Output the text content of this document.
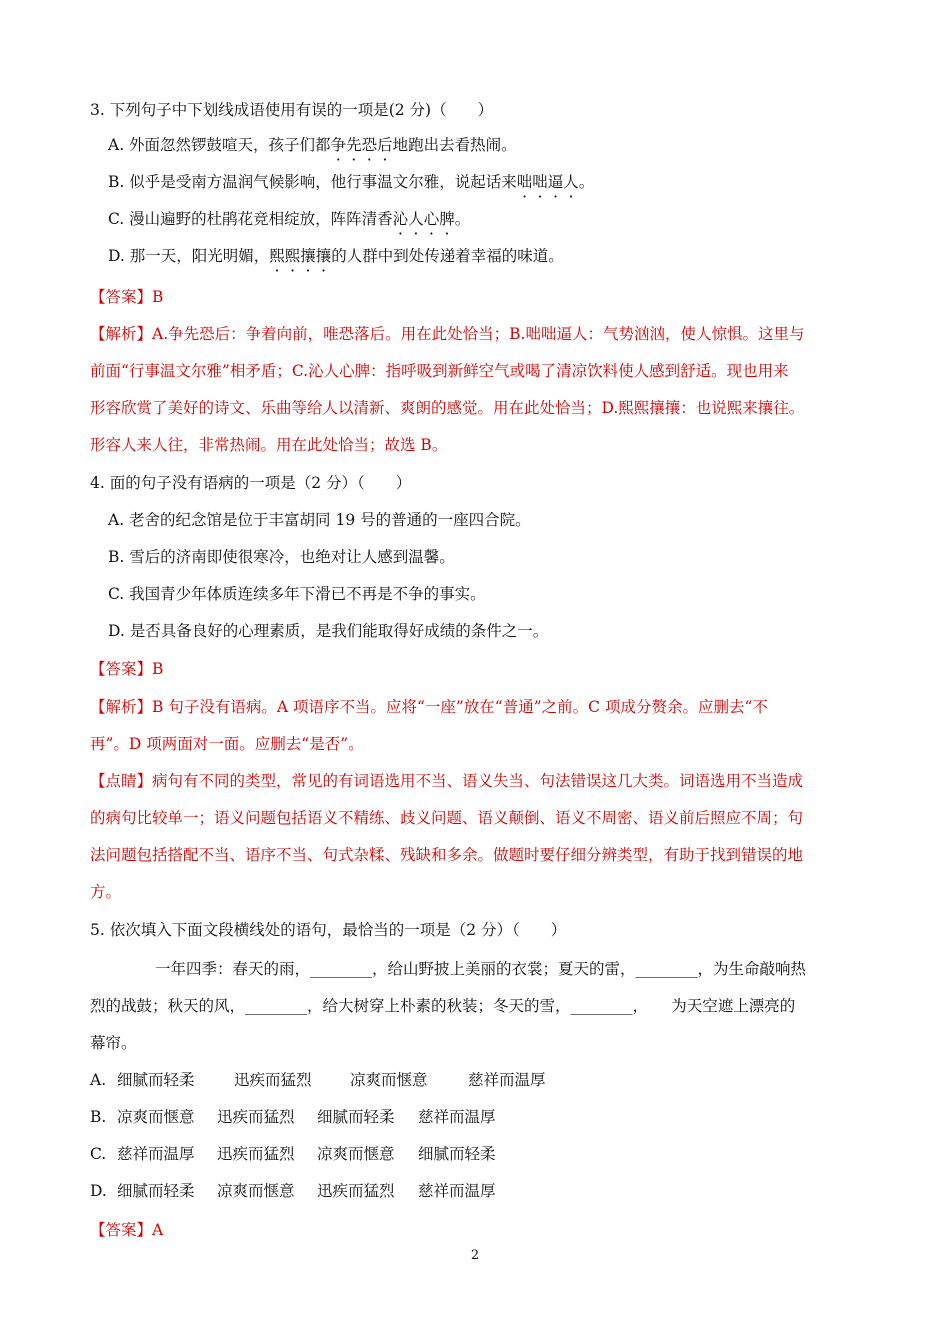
3. 下列句子中下划线成语使用有误的一项是(2 分)（　　）
A. 外面忽然锣鼓喧天，孩子们都争先恐后地跑出去看热闹。
B. 似乎是受南方温润气候影响，他行事温文尔雅，说起话来咄咄逼人。
C. 漫山遍野的杜鹃花竞相绽放，阵阵清香沁人心脾。
D. 那一天，阳光明媚，熙熙攘攘的人群中到处传递着幸福的味道。
【答案】B
【解析】A.争先恐后：争着向前，唯恐落后。用在此处恰当；B.咄咄逼人：气势汹汹，使人惊惧。这里与
前面“行事温文尔雅”相矛盾；C.沁人心脾：指呼吸到新鲜空气或喝了清凉饮料使人感到舒适。现也用来
形容欣赏了美好的诗文、乐曲等给人以清新、爽朗的感觉。用在此处恰当；D.熙熙攘攘：也说熙来攘往。
形容人来人往，非常热闹。用在此处恰当；故选 B。
4. 面的句子没有语病的一项是（2 分）（　　）
A. 老舍的纪念馆是位于丰富胡同 19 号的普通的一座四合院。
B. 雪后的济南即使很寒冷，也绝对让人感到温馨。
C. 我国青少年体质连续多年下滑已不再是不争的事实。
D. 是否具备良好的心理素质，是我们能取得好成绩的条件之一。
【答案】B
【解析】B 句子没有语病。A 项语序不当。应将“一座”放在“普通”之前。C 项成分赘余。应删去“不
再”。D 项两面对一面。应删去“是否”。
【点睛】病句有不同的类型，常见的有词语选用不当、语义失当、句法错误这几大类。词语选用不当造成
的病句比较单一；语义问题包括语义不精练、歧义问题、语义颠倒、语义不周密、语义前后照应不周；句
法问题包括搭配不当、语序不当、句式杂糅、残缺和多余。做题时要仔细分辨类型，有助于找到错误的地
方。
5. 依次填入下面文段横线处的语句，最恰当的一项是（2 分）（　　）
一年四季：春天的雨，________，给山野披上美丽的衣裳；夏天的雷，________，为生命敲响热
烈的战鼓；秋天的风，________，给大树穿上朴素的秋装；冬天的雪，________，　　为天空遮上漂亮的
幕帘。
A. 细腻而轻柔	迅疾而猛烈 凉爽而惬意	慈祥而温厚
B. 凉爽而惬意 迅疾而猛烈 细腻而轻柔 慈祥而温厚
C. 慈祥而温厚 迅疾而猛烈 凉爽而惬意 细腻而轻柔
D. 细腻而轻柔 凉爽而惬意 迅疾而猛烈 慈祥而温厚
【答案】A
2
